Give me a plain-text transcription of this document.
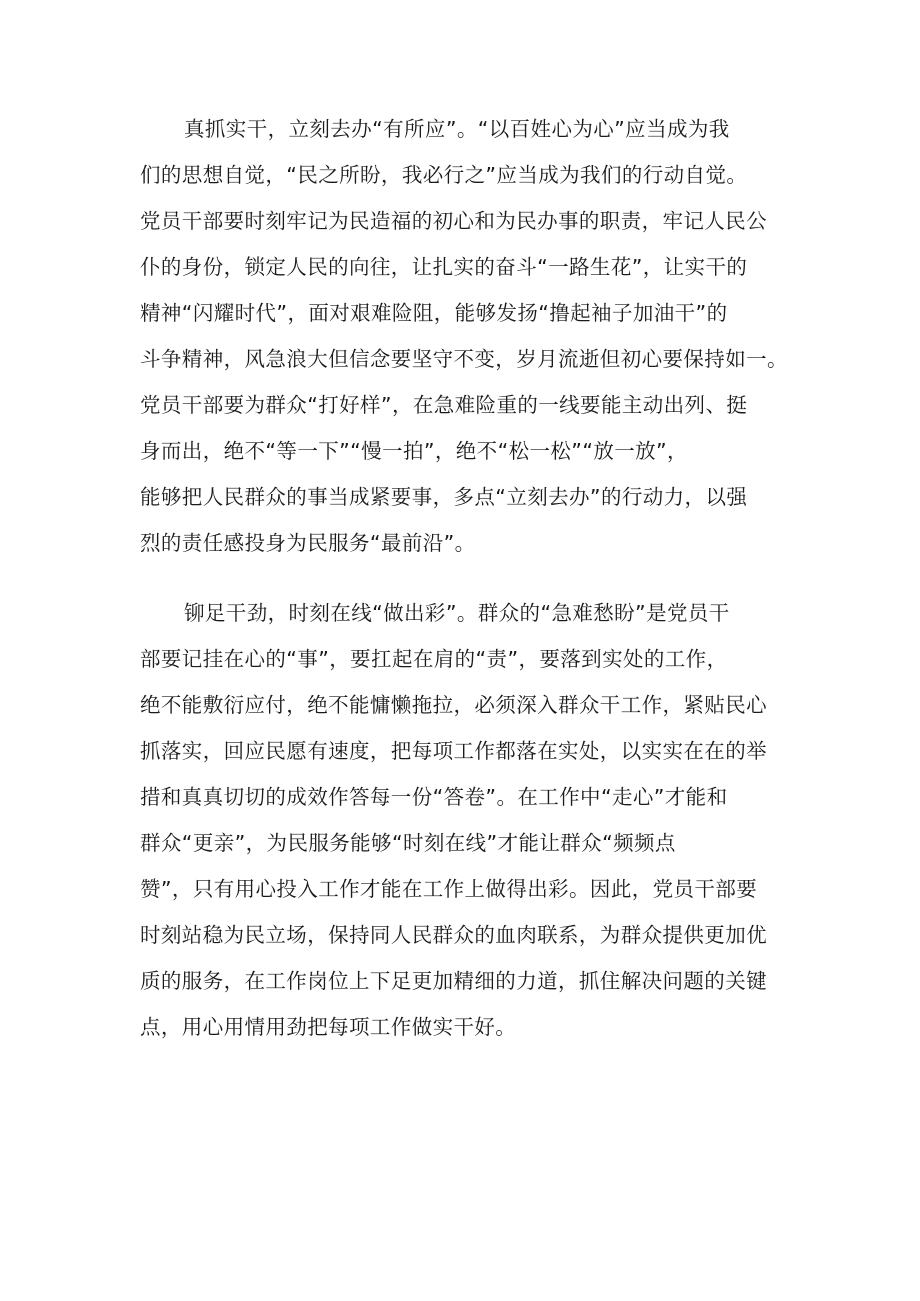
真抓实干，立刻去办“有所应”。“以百姓心为心”应当成为我
们的思想自觉，“民之所盼，我必行之”应当成为我们的行动自觉。
党员干部要时刻牢记为民造福的初心和为民办事的职责，牢记人民公
仆的身份，锁定人民的向往，让扎实的奋斗“一路生花”，让实干的
精神“闪耀时代”，面对艰难险阻，能够发扬“撸起袖子加油干”的
斗争精神，风急浪大但信念要坚守不变，岁月流逝但初心要保持如一。
党员干部要为群众“打好样”，在急难险重的一线要能主动出列、挺
身而出，绝不“等一下”“慢一拍”，绝不“松一松”“放一放”，
能够把人民群众的事当成紧要事，多点“立刻去办”的行动力，以强
烈的责任感投身为民服务“最前沿”。
铆足干劲，时刻在线“做出彩”。群众的“急难愁盼”是党员干
部要记挂在心的“事”，要扛起在肩的“责”，要落到实处的工作，
绝不能敷衍应付，绝不能慵懒拖拉，必须深入群众干工作，紧贴民心
抓落实，回应民愿有速度，把每项工作都落在实处，以实实在在的举
措和真真切切的成效作答每一份“答卷”。在工作中“走心”才能和
群众“更亲”，为民服务能够“时刻在线”才能让群众“频频点
赞”，只有用心投入工作才能在工作上做得出彩。因此，党员干部要
时刻站稳为民立场，保持同人民群众的血肉联系，为群众提供更加优
质的服务，在工作岗位上下足更加精细的力道，抓住解决问题的关键
点，用心用情用劲把每项工作做实干好。
